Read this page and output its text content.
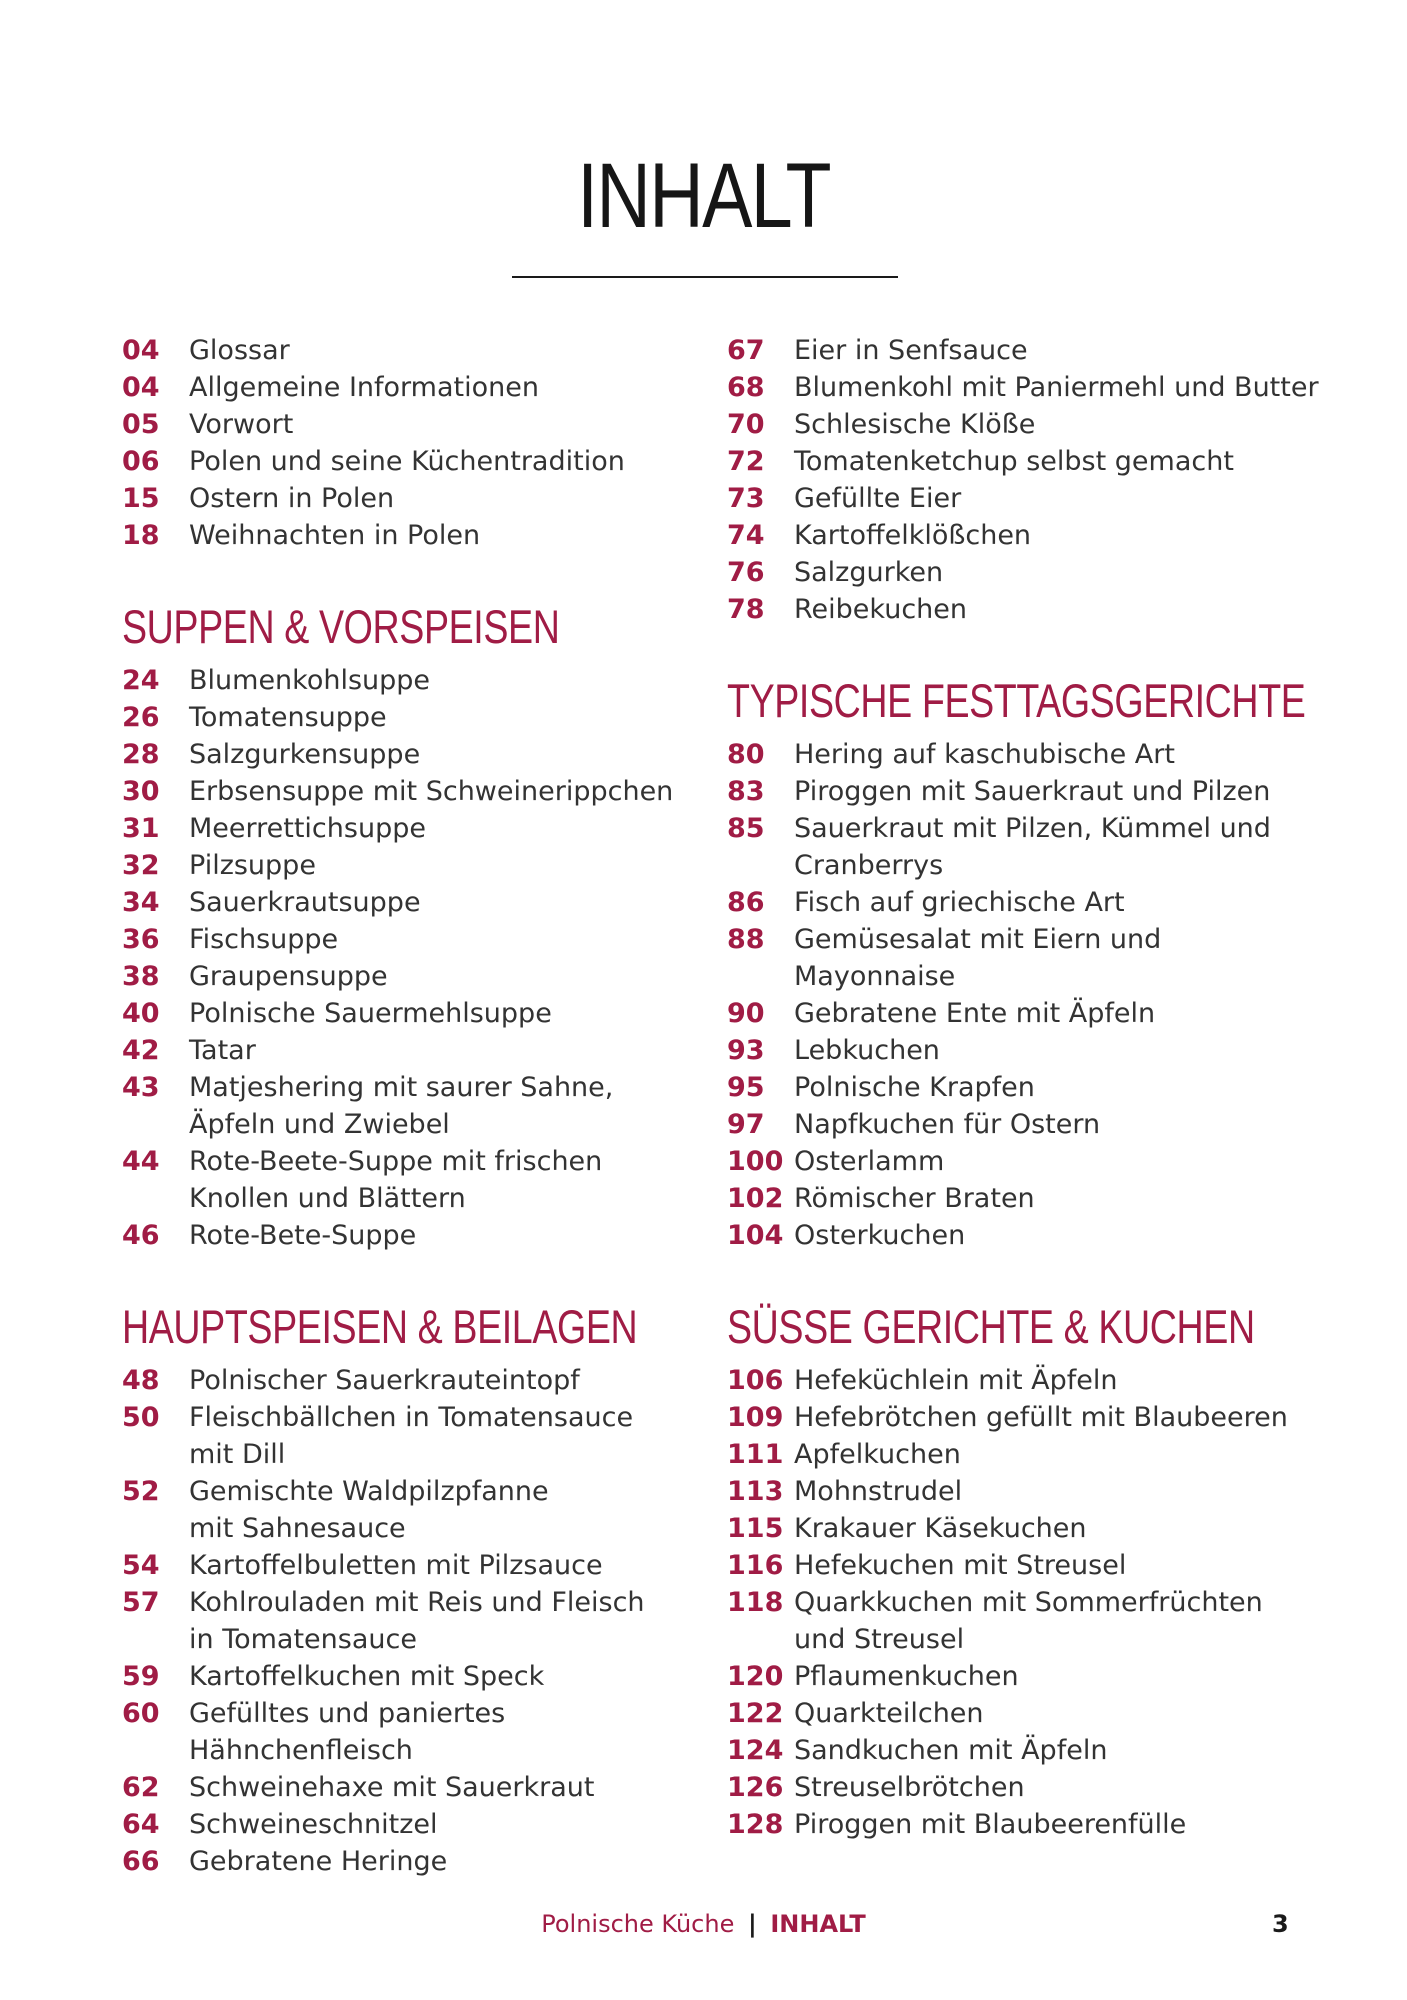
INHALT
04	Glossar
04	Allgemeine Informationen
05	Vorwort
06	Polen und seine Küchentradition
15	Ostern in Polen
18	Weihnachten in Polen
SUPPEN & VORSPEISEN
24	Blumenkohlsuppe
26	Tomatensuppe
28	Salzgurkensuppe
30	Erbsensuppe mit Schweinerippchen
31	Meerrettichsuppe
32	Pilzsuppe
34	Sauerkrautsuppe
36	Fischsuppe
38	Graupensuppe
40	Polnische Sauermehlsuppe
42	Tatar
43	Matjeshering mit saurer Sahne,
Äpfeln und Zwiebel
44	Rote-Beete-Suppe mit frischen
Knollen und Blättern
46	Rote-Bete-Suppe
HAUPTSPEISEN & BEILAGEN
48	Polnischer Sauerkrauteintopf
50	Fleischbällchen in Tomatensauce
mit Dill
52	Gemischte Waldpilzpfanne
mit Sahnesauce
54	Kartoffelbuletten mit Pilzsauce
57	Kohlrouladen mit Reis und Fleisch
in Tomatensauce
59	Kartoffelkuchen mit Speck
60	Gefülltes und paniertes
Hähnchenfleisch
62	Schweinehaxe mit Sauerkraut
64	Schweineschnitzel
66	Gebratene Heringe
67	Eier in Senfsauce
68	Blumenkohl mit Paniermehl und Butter
70	Schlesische Klöße
72	Tomatenketchup selbst gemacht
73	Gefüllte Eier
74	Kartoffelklößchen
76	Salzgurken
78	Reibekuchen
TYPISCHE FESTTAGSGERICHTE
80	Hering auf kaschubische Art
83	Piroggen mit Sauerkraut und Pilzen
85	Sauerkraut mit Pilzen, Kümmel und
Cranberrys
86	Fisch auf griechische Art
88	Gemüsesalat mit Eiern und
Mayonnaise
90	Gebratene Ente mit Äpfeln
93	Lebkuchen
95	Polnische Krapfen
97	Napfkuchen für Ostern
100 Osterlamm
102 Römischer Braten
104 Osterkuchen
SÜSSE GERICHTE & KUCHEN
106 Hefeküchlein mit Äpfeln
109 Hefebrötchen gefüllt mit Blaubeeren
111 Apfelkuchen
113 Mohnstrudel
115 Krakauer Käsekuchen
116 Hefekuchen mit Streusel
118 Quarkkuchen mit Sommerfrüchten
und Streusel
120 Pflaumenkuchen
122 Quarkteilchen
124 Sandkuchen mit Äpfeln
126 Streuselbrötchen
128 Piroggen mit Blaubeerenfülle
Polnische Küche | INHALT	3
